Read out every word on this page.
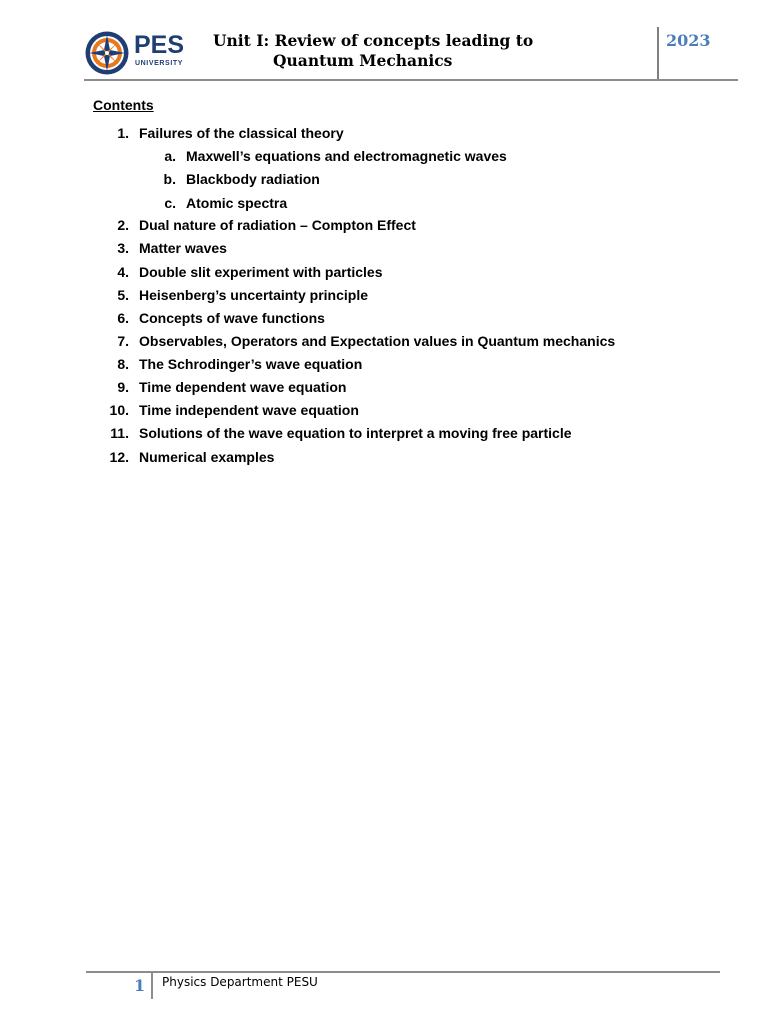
PES
UNIVERSITY
Unit I: Review of concepts leading to
Quantum Mechanics
2023
Contents
1. Failures of the classical theory
a. Maxwell’s equations and electromagnetic waves
b. Blackbody radiation
c. Atomic spectra
2. Dual nature of radiation – Compton Effect
3. Matter waves
4. Double slit experiment with particles
5. Heisenberg’s uncertainty principle
6. Concepts of wave functions
7. Observables, Operators and Expectation values in Quantum mechanics
8. The Schrodinger’s wave equation
9. Time dependent wave equation
10. Time independent wave equation
11. Solutions of the wave equation to interpret a moving free particle
12. Numerical examples
1 Physics Department PESU
